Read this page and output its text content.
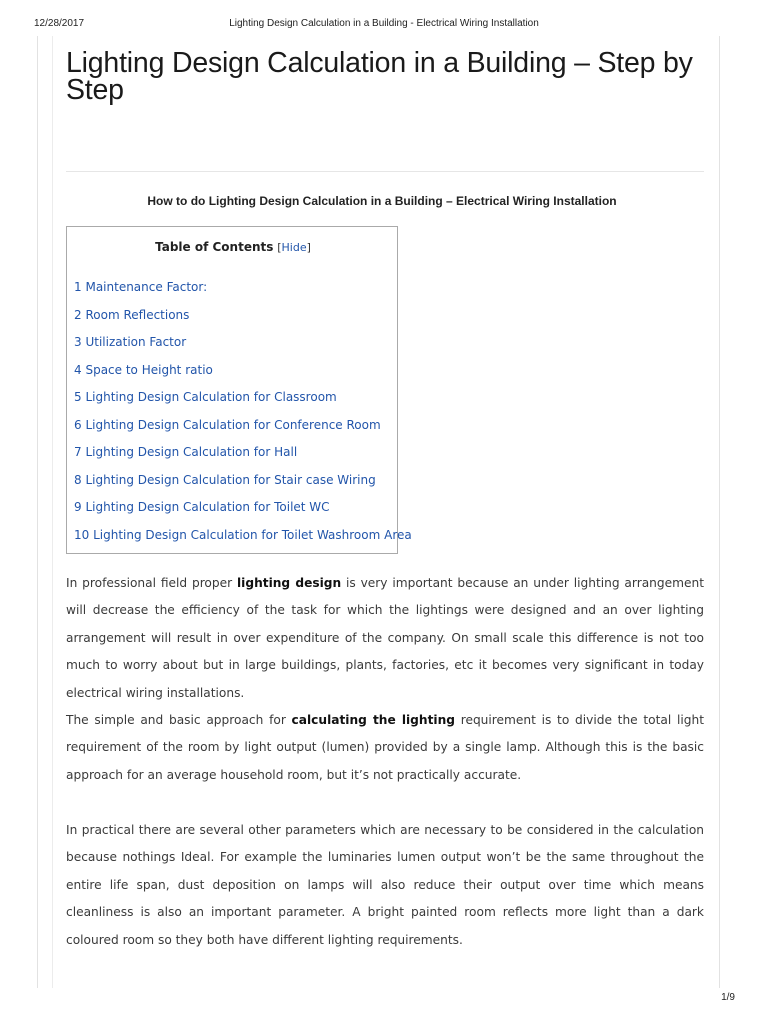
12/28/2017	Lighting Design Calculation in a Building - Electrical Wiring Installation
Lighting Design Calculation in a Building – Step by Step
How to do Lighting Design Calculation in a Building – Electrical Wiring Installation
Table of Contents [Hide]
1 Maintenance Factor:
2 Room Reflections
3 Utilization Factor
4 Space to Height ratio
5 Lighting Design Calculation for Classroom
6 Lighting Design Calculation for Conference Room
7 Lighting Design Calculation for Hall
8 Lighting Design Calculation for Stair case Wiring
9 Lighting Design Calculation for Toilet WC
10 Lighting Design Calculation for Toilet Washroom Area

In professional field proper lighting design is very important because an under lighting arrangement will decrease the efficiency of the task for which the lightings were designed and an over lighting arrangement will result in over expenditure of the company. On small scale this difference is not too much to worry about but in large buildings, plants, factories, etc it becomes very significant in today electrical wiring installations.

The simple and basic approach for calculating the lighting requirement is to divide the total light requirement of the room by light output (lumen) provided by a single lamp. Although this is the basic approach for an average household room, but it’s not practically accurate.

In practical there are several other parameters which are necessary to be considered in the calculation because nothings Ideal. For example the luminaries lumen output won’t be the same throughout the entire life span, dust deposition on lamps will also reduce their output over time which means cleanliness is also an important parameter. A bright painted room reflects more light than a dark coloured room so they both have different lighting requirements.

1/9
